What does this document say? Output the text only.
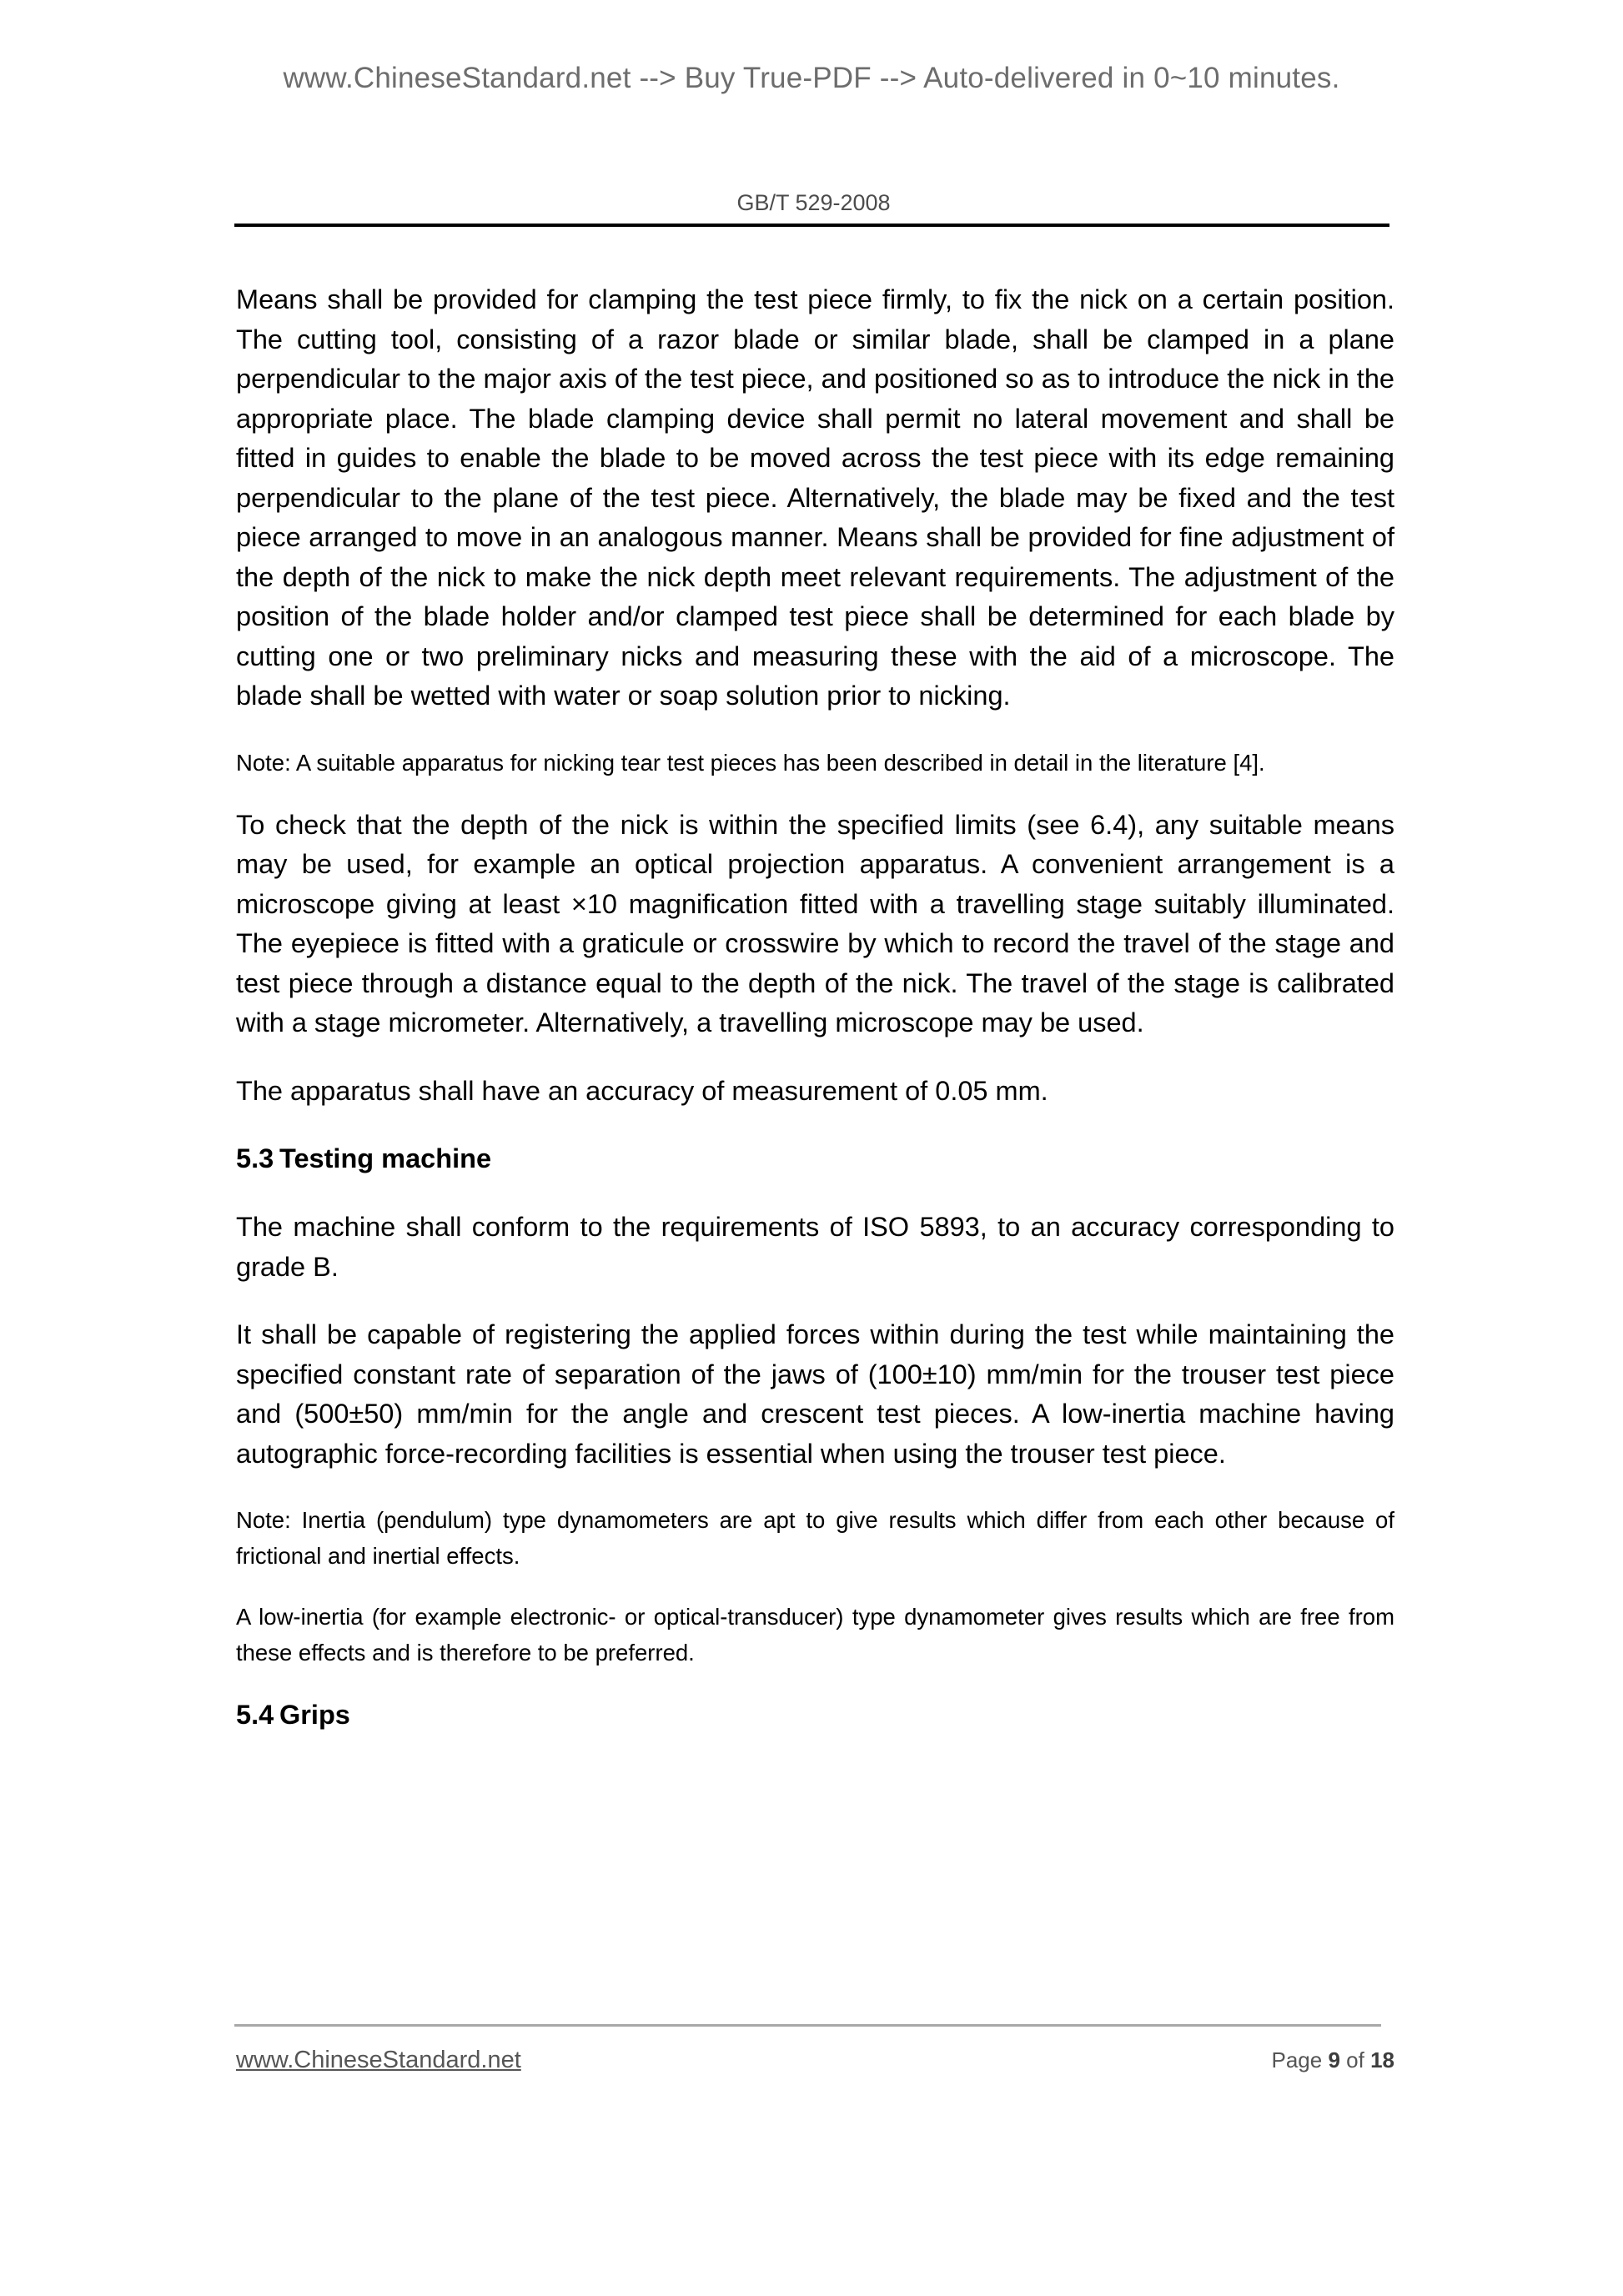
www.ChineseStandard.net --> Buy True-PDF --> Auto-delivered in 0~10 minutes.
GB/T 529-2008

Means shall be provided for clamping the test piece firmly, to fix the nick on a certain position. The cutting tool, consisting of a razor blade or similar blade, shall be clamped in a plane perpendicular to the major axis of the test piece, and positioned so as to introduce the nick in the appropriate place. The blade clamping device shall permit no lateral movement and shall be fitted in guides to enable the blade to be moved across the test piece with its edge remaining perpendicular to the plane of the test piece. Alternatively, the blade may be fixed and the test piece arranged to move in an analogous manner. Means shall be provided for fine adjustment of the depth of the nick to make the nick depth meet relevant requirements. The adjustment of the position of the blade holder and/or clamped test piece shall be determined for each blade by cutting one or two preliminary nicks and measuring these with the aid of a microscope. The blade shall be wetted with water or soap solution prior to nicking.

Note: A suitable apparatus for nicking tear test pieces has been described in detail in the literature [4].

To check that the depth of the nick is within the specified limits (see 6.4), any suitable means may be used, for example an optical projection apparatus. A convenient arrangement is a microscope giving at least ×10 magnification fitted with a travelling stage suitably illuminated. The eyepiece is fitted with a graticule or crosswire by which to record the travel of the stage and test piece through a distance equal to the depth of the nick. The travel of the stage is calibrated with a stage micrometer. Alternatively, a travelling microscope may be used.

The apparatus shall have an accuracy of measurement of 0.05 mm.

5.3 Testing machine

The machine shall conform to the requirements of ISO 5893, to an accuracy corresponding to grade B.

It shall be capable of registering the applied forces within during the test while maintaining the specified constant rate of separation of the jaws of (100±10) mm/min for the trouser test piece and (500±50) mm/min for the angle and crescent test pieces. A low-inertia machine having autographic force-recording facilities is essential when using the trouser test piece.

Note: Inertia (pendulum) type dynamometers are apt to give results which differ from each other because of frictional and inertial effects.

A low-inertia (for example electronic- or optical-transducer) type dynamometer gives results which are free from these effects and is therefore to be preferred.

5.4 Grips
www.ChineseStandard.net	Page 9 of 18
